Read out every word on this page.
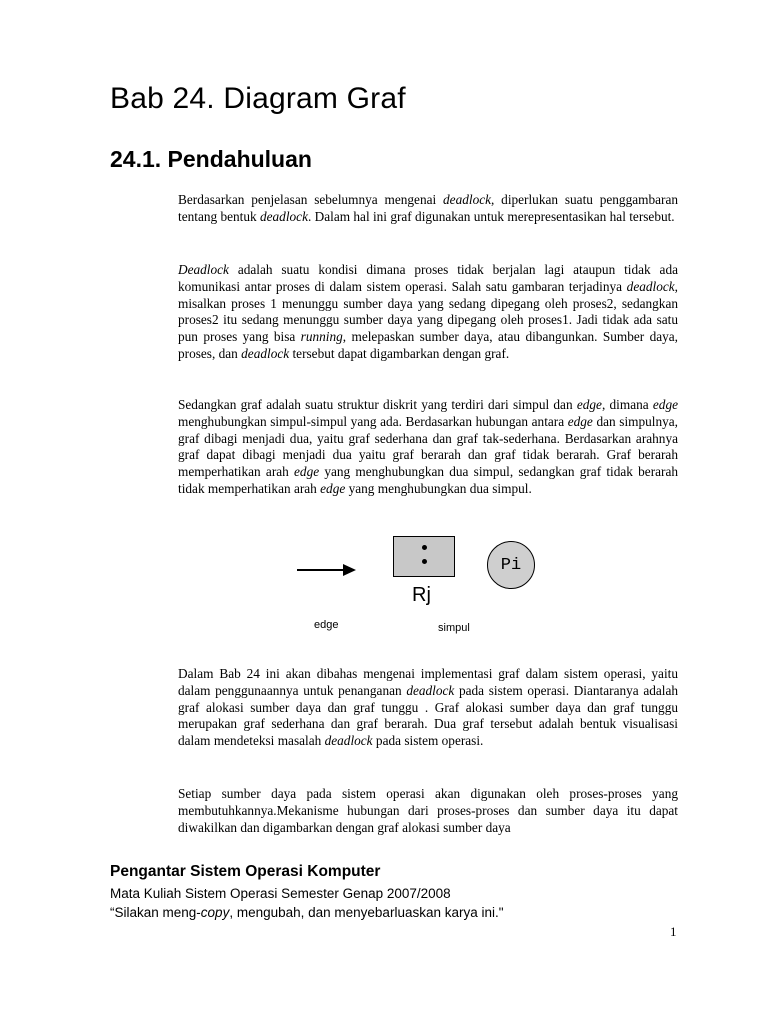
Bab 24. Diagram Graf
24.1. Pendahuluan

Berdasarkan penjelasan sebelumnya mengenai deadlock, diperlukan suatu penggambaran tentang bentuk deadlock. Dalam hal ini graf digunakan untuk merepresentasikan hal tersebut.

Deadlock adalah suatu kondisi dimana proses tidak berjalan lagi ataupun tidak ada komunikasi antar proses di dalam sistem operasi. Salah satu gambaran terjadinya deadlock, misalkan proses 1 menunggu sumber daya yang sedang dipegang oleh proses2, sedangkan proses2 itu sedang menunggu sumber daya yang dipegang oleh proses1. Jadi tidak ada satu pun proses yang bisa running, melepaskan sumber daya, atau dibangunkan. Sumber daya, proses, dan deadlock tersebut dapat digambarkan dengan graf.

Sedangkan graf adalah suatu struktur diskrit yang terdiri dari simpul dan edge, dimana edge menghubungkan simpul-simpul yang ada. Berdasarkan hubungan antara edge dan simpulnya, graf dibagi menjadi dua, yaitu graf sederhana dan graf tak-sederhana. Berdasarkan arahnya graf dapat dibagi menjadi dua yaitu graf berarah dan graf tidak berarah. Graf berarah memperhatikan arah edge yang menghubungkan dua simpul, sedangkan graf tidak berarah tidak memperhatikan arah edge yang menghubungkan dua simpul.

Pi
Rj
edge	simpul

Dalam Bab 24 ini akan dibahas mengenai implementasi graf dalam sistem operasi, yaitu dalam penggunaannya untuk penanganan deadlock pada sistem operasi. Diantaranya adalah graf alokasi sumber daya dan graf tunggu . Graf alokasi sumber daya dan graf tunggu merupakan graf sederhana dan graf berarah. Dua graf tersebut adalah bentuk visualisasi dalam mendeteksi masalah deadlock pada sistem operasi.

Setiap sumber daya pada sistem operasi akan digunakan oleh proses-proses yang membutuhkannya.Mekanisme hubungan dari proses-proses dan sumber daya itu dapat diwakilkan dan digambarkan dengan graf alokasi sumber daya

Pengantar Sistem Operasi Komputer
Mata Kuliah Sistem Operasi Semester Genap 2007/2008
“Silakan meng-copy, mengubah, dan menyebarluaskan karya ini."
1
